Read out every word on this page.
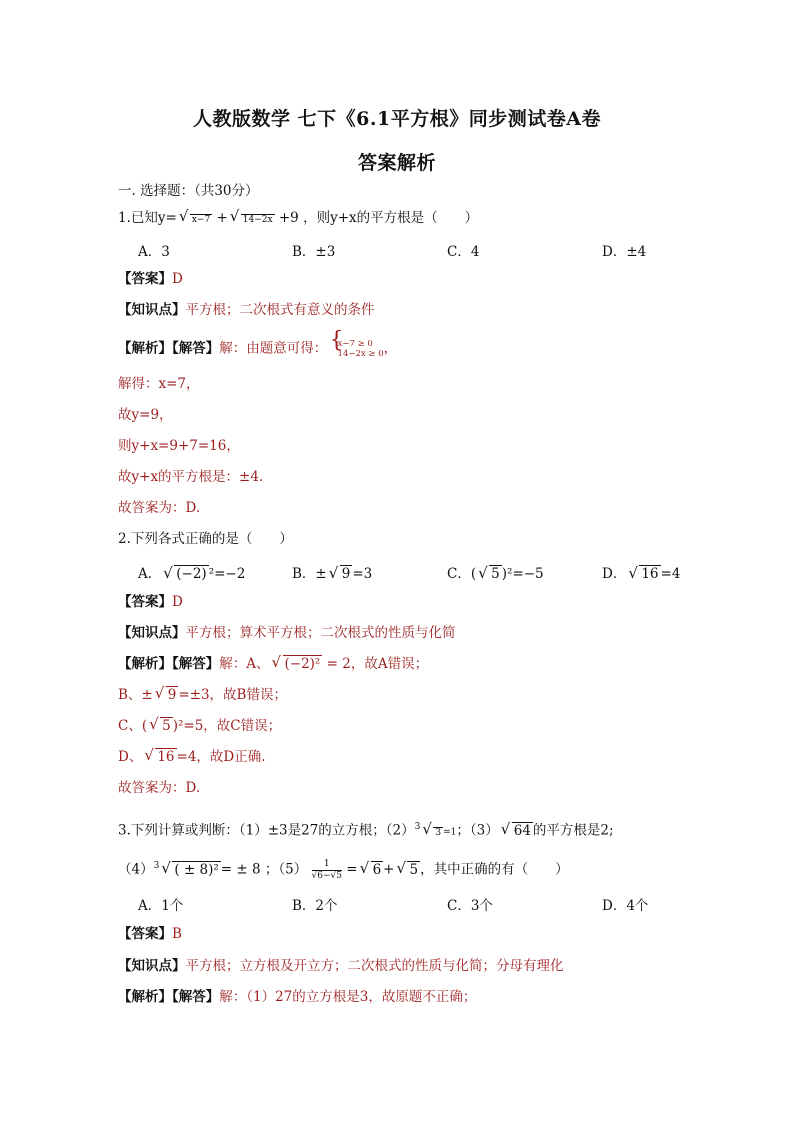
人教版数学 七下《6.1平方根》同步测试卷A卷
答案解析
一. 选择题：（共30分）
1.已知y=√ x−7 +√ 14−2x +9 ，则y+x的平方根是（　　）
A．3	B．±3	C．4	D．±4
【答案】D
【知识点】平方根；二次根式有意义的条件
【解析】【解答】解：由题意可得：
{ x−7 ≥ 0
14−2x ≥ 0 ，
解得：x=7，
故y=9，
则y+x=9+7=16，
故y+x的平方根是：±4.
故答案为：D.
2.下列各式正确的是（　　）
A．√ (−2) ²=−2	B．±√ 9 =3	C．(√ 5 )²=−5	D．√ 16 =4
【答案】D
【知识点】平方根；算术平方根；二次根式的性质与化简
【解析】【解答】解：A、√ (−2)² = 2，故A错误；
B、±√ 9 =±3，故B错误；
C、(√ 5 )²=5，故C错误；
D、√ 16 =4，故D正确.
故答案为：D.
3.下列计算或判断：（1）±3是27的立方根；$(2)^3√$ 3 =1；（3）√ 64 的平方根是2;
$(4)^3√$ ( ± 8)² = ± 8 ；$(5) \frac{1}{√6-√5}$ =√ 6 +√ 5 ，其中正确的有（　　）
A．1个	B．2个	C．3个	D．4个
【答案】B
【知识点】平方根；立方根及开立方；二次根式的性质与化简；分母有理化
【解析】【解答】解：（1）27的立方根是3，故原题不正确；
